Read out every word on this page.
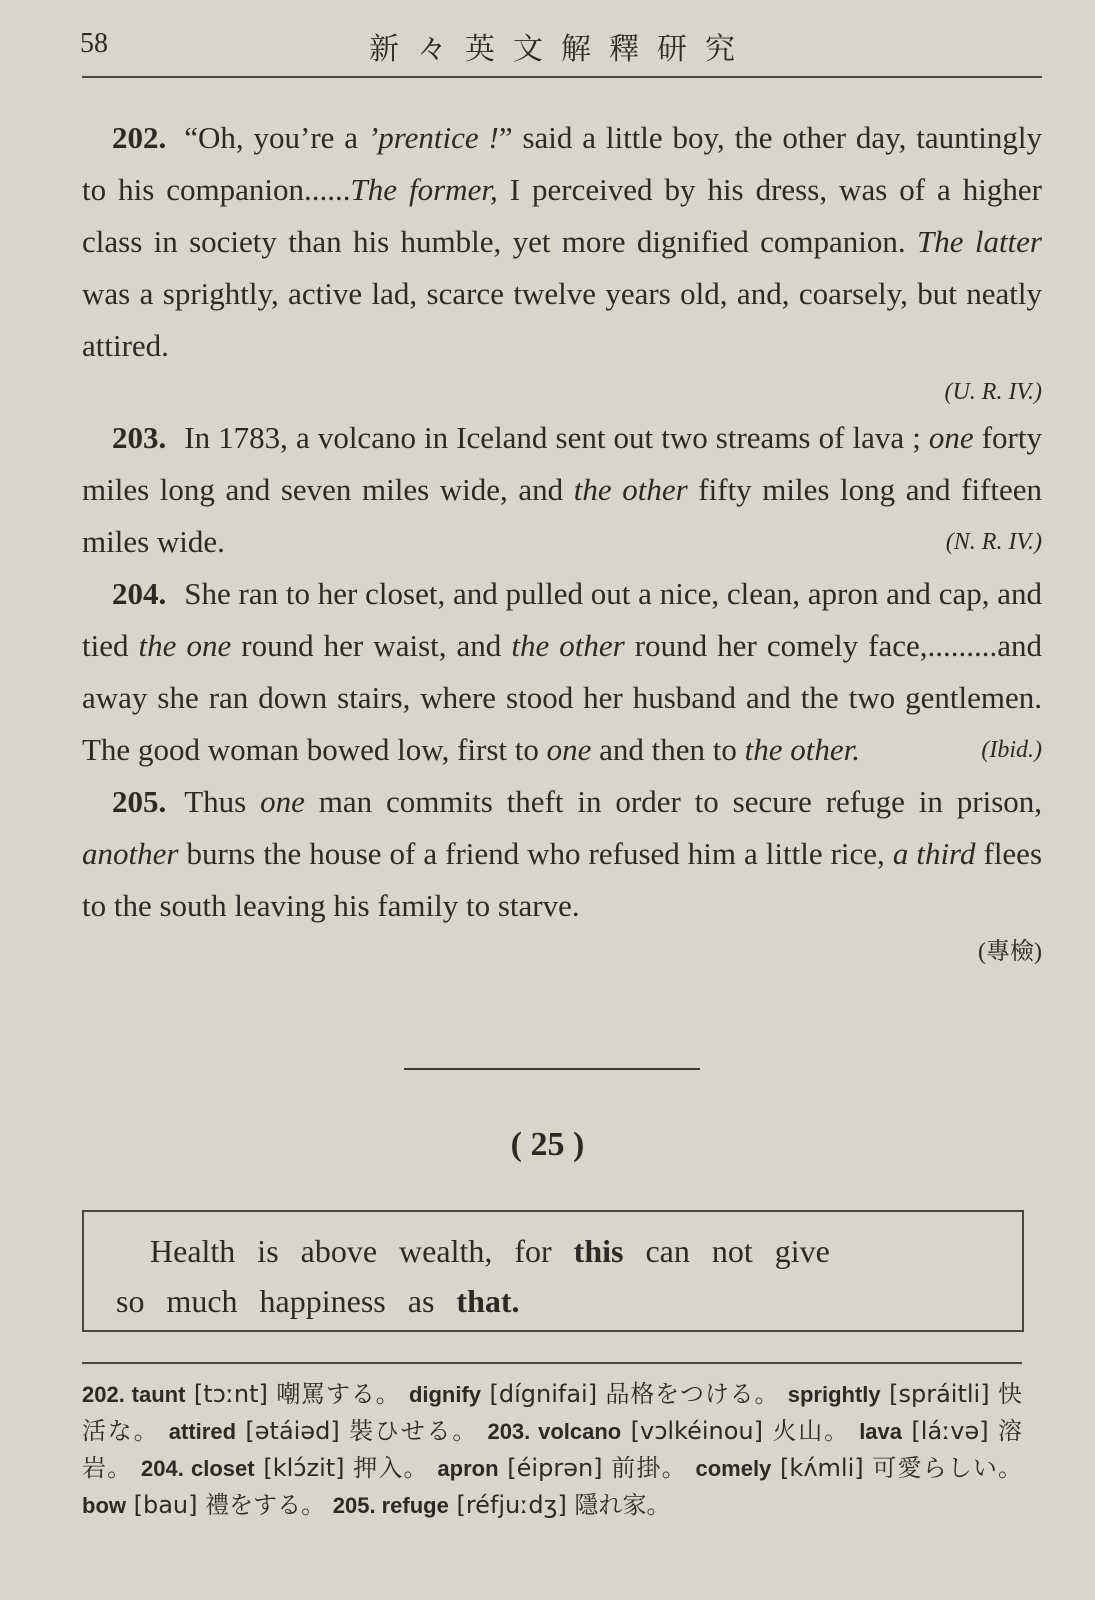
58	新々英文解釋研究

202. “Oh, you’re a ’prentice !” said a little boy, the other day, tauntingly to his companion......The former, I perceived by his dress, was of a higher class in society than his humble, yet more dignified companion. The latter was a sprightly, active lad, scarce twelve years old, and, coarsely, but neatly attired.

(U. R. IV.)

203. In 1783, a volcano in Iceland sent out two streams of lava ; one forty miles long and seven miles wide, and the other fifty miles long and fifteen miles wide.	(N. R. IV.)

204. She ran to her closet, and pulled out a nice, clean, apron and cap, and tied the one round her waist, and the other round her comely face,.........and away she ran down stairs, where stood her husband and the two gentlemen. The good woman bowed low, first to one and then to the other.	(Ibid.)

205. Thus one man commits theft in order to secure refuge in prison, another burns the house of a friend who refused him a little rice, a third flees to the south leaving his family to starve.

(專檢)

( 25 )
Health is above wealth, for this can not give
so much happiness as that.
202. taunt [tɔːnt] 嘲罵する。 dignify [dígnifai] 品格をつける。 sprightly [spráitli] 快活な。 attired [ətáiəd] 裝ひせる。 203. volcano [vɔlkéinou] 火山。 lava [láːvə] 溶岩。 204. closet [klɔ́zit] 押入。 apron [éiprən] 前掛。 comely [kʌ́mli] 可愛らしい。 bow [bau] 禮をする。 205. refuge [réfjuːdʒ] 隱れ家。
